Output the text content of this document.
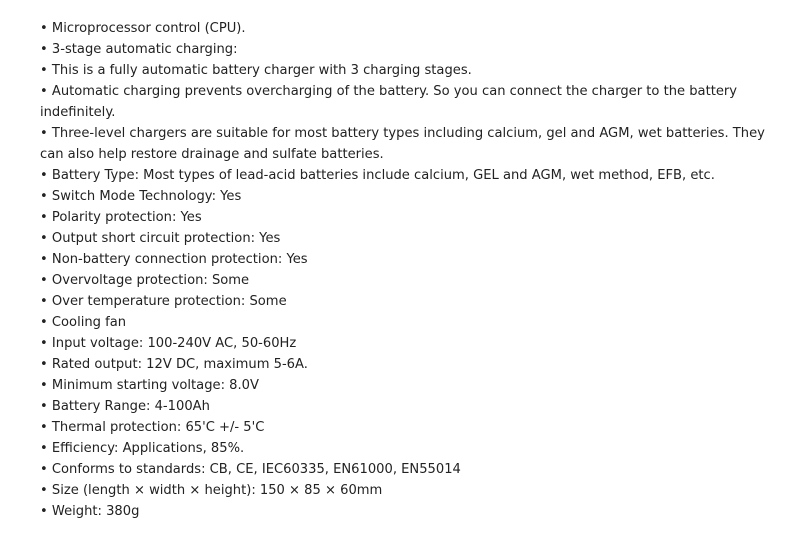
• Microprocessor control (CPU).
• 3-stage automatic charging:
• This is a fully automatic battery charger with 3 charging stages.
• Automatic charging prevents overcharging of the battery. So you can connect the charger to the battery indefinitely.
• Three-level chargers are suitable for most battery types including calcium, gel and AGM, wet batteries. They can also help restore drainage and sulfate batteries.
• Battery Type: Most types of lead-acid batteries include calcium, GEL and AGM, wet method, EFB, etc.
• Switch Mode Technology: Yes
• Polarity protection: Yes
• Output short circuit protection: Yes
• Non-battery connection protection: Yes
• Overvoltage protection: Some
• Over temperature protection: Some
• Cooling fan
• Input voltage: 100-240V AC, 50-60Hz
• Rated output: 12V DC, maximum 5-6A.
• Minimum starting voltage: 8.0V
• Battery Range: 4-100Ah
• Thermal protection: 65'C +/- 5'C
• Efficiency: Applications, 85%.
• Conforms to standards: CB, CE, IEC60335, EN61000, EN55014
• Size (length × width × height): 150 × 85 × 60mm
• Weight: 380g
